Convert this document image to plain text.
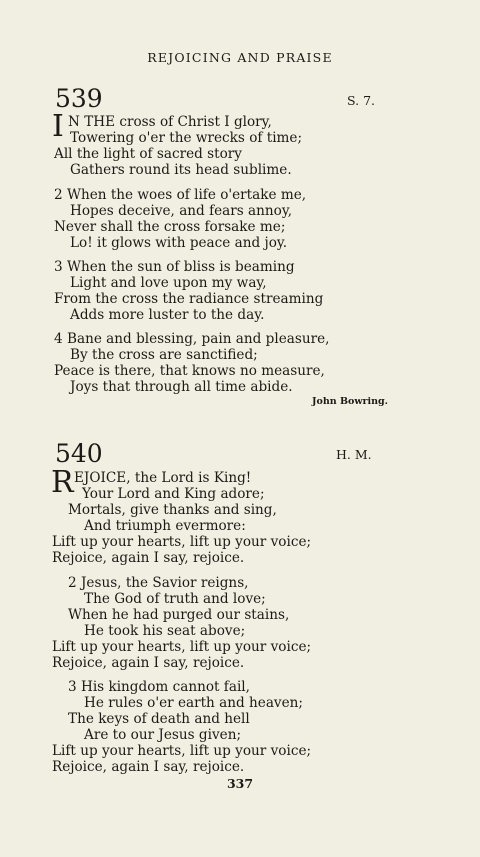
REJOICING AND PRAISE
539	S. 7.
I N THE cross of Christ I glory,
Towering o'er the wrecks of time;
All the light of sacred story
Gathers round its head sublime.
2 When the woes of life o'ertake me,
Hopes deceive, and fears annoy,
Never shall the cross forsake me;
Lo! it glows with peace and joy.
3 When the sun of bliss is beaming
Light and love upon my way,
From the cross the radiance streaming
Adds more luster to the day.
4 Bane and blessing, pain and pleasure,
By the cross are sanctified;
Peace is there, that knows no measure,
Joys that through all time abide.
John Bowring.
540	H. M.
R EJOICE, the Lord is King!
Your Lord and King adore;
Mortals, give thanks and sing,
And triumph evermore:
Lift up your hearts, lift up your voice;
Rejoice, again I say, rejoice.
2 Jesus, the Savior reigns,
The God of truth and love;
When he had purged our stains,
He took his seat above;
Lift up your hearts, lift up your voice;
Rejoice, again I say, rejoice.
3 His kingdom cannot fail,
He rules o'er earth and heaven;
The keys of death and hell
Are to our Jesus given;
Lift up your hearts, lift up your voice;
Rejoice, again I say, rejoice.
337
